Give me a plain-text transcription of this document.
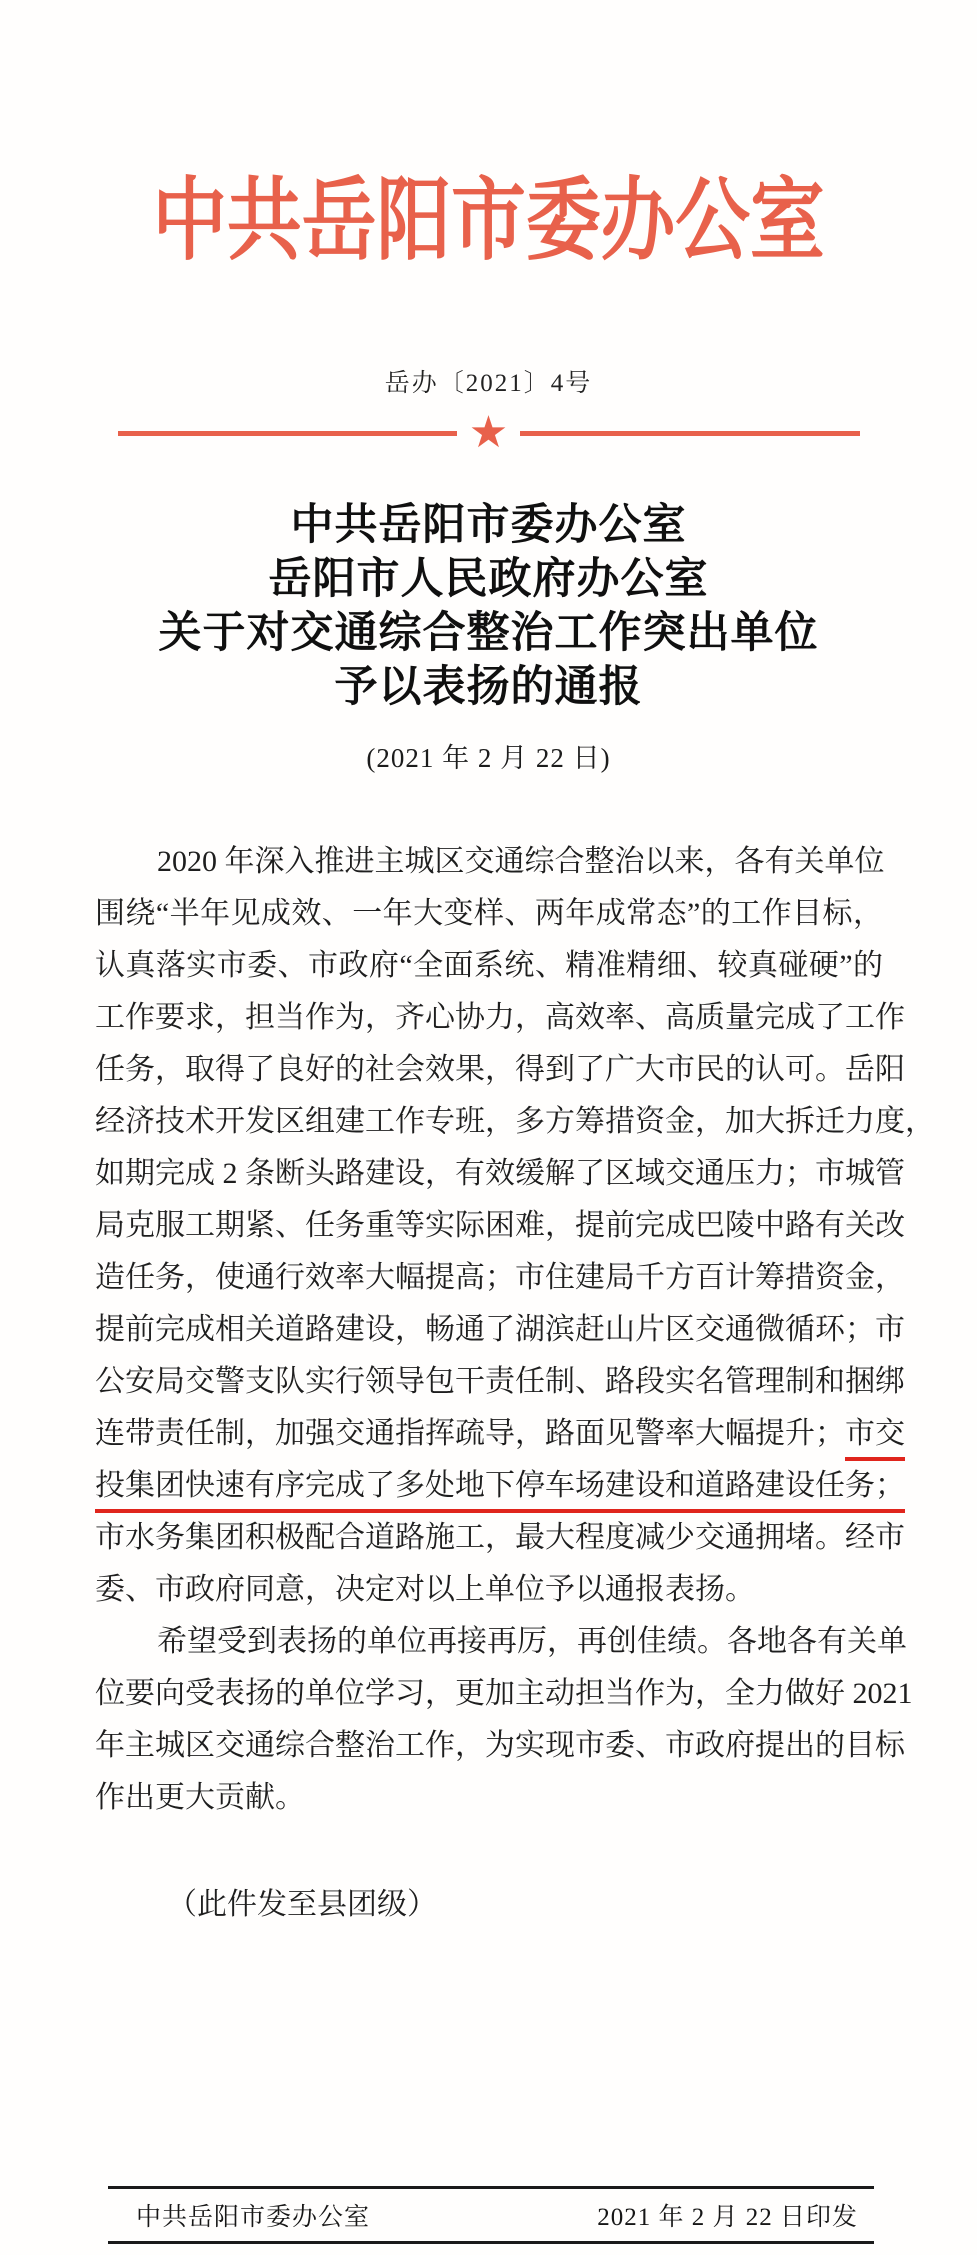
中共岳阳市委办公室
岳办〔2021〕4号
★
中共岳阳市委办公室
岳阳市人民政府办公室
关于对交通综合整治工作突出单位
予以表扬的通报
(2021 年 2 月 22 日)
2020 年深入推进主城区交通综合整治以来，各有关单位
围绕“半年见成效、一年大变样、两年成常态”的工作目标，
认真落实市委、市政府“全面系统、精准精细、较真碰硬”的
工作要求，担当作为，齐心协力，高效率、高质量完成了工作
任务，取得了良好的社会效果，得到了广大市民的认可。岳阳
经济技术开发区组建工作专班，多方筹措资金，加大拆迁力度，
如期完成 2 条断头路建设，有效缓解了区域交通压力；市城管
局克服工期紧、任务重等实际困难，提前完成巴陵中路有关改
造任务，使通行效率大幅提高；市住建局千方百计筹措资金，
提前完成相关道路建设，畅通了湖滨赶山片区交通微循环；市
公安局交警支队实行领导包干责任制、路段实名管理制和捆绑
连带责任制，加强交通指挥疏导，路面见警率大幅提升；市交
投集团快速有序完成了多处地下停车场建设和道路建设任务；
市水务集团积极配合道路施工，最大程度减少交通拥堵。经市
委、市政府同意，决定对以上单位予以通报表扬。
希望受到表扬的单位再接再厉，再创佳绩。各地各有关单
位要向受表扬的单位学习，更加主动担当作为，全力做好 2021
年主城区交通综合整治工作，为实现市委、市政府提出的目标
作出更大贡献。
（此件发至县团级）
中共岳阳市委办公室	2021 年 2 月 22 日印发
